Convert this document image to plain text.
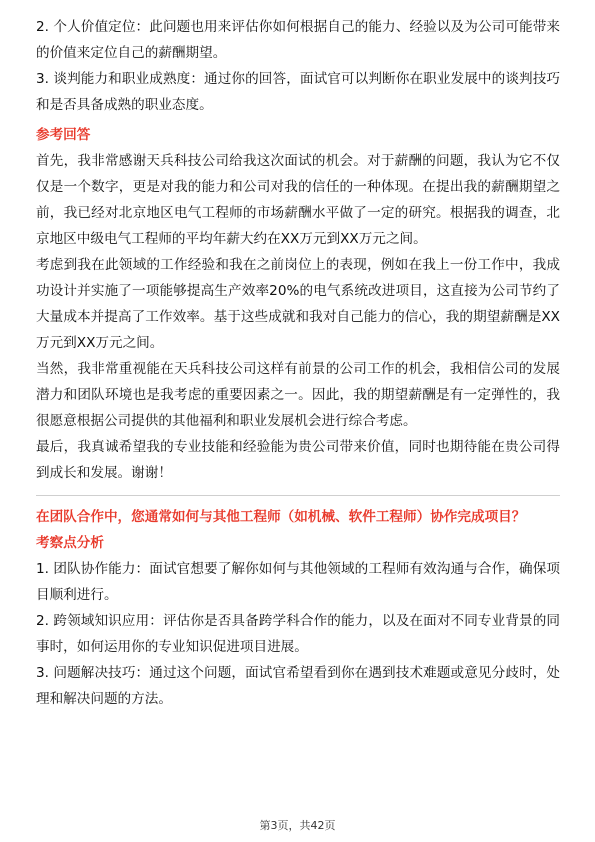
2. 个人价值定位：此问题也用来评估你如何根据自己的能力、经验以及为公司可能带来的价值来定位自己的薪酬期望。

3. 谈判能力和职业成熟度：通过你的回答，面试官可以判断你在职业发展中的谈判技巧和是否具备成熟的职业态度。

参考回答

首先，我非常感谢天兵科技公司给我这次面试的机会。对于薪酬的问题，我认为它不仅仅是一个数字，更是对我的能力和公司对我的信任的一种体现。在提出我的薪酬期望之前，我已经对北京地区电气工程师的市场薪酬水平做了一定的研究。根据我的调查，北京地区中级电气工程师的平均年薪大约在XX万元到XX万元之间。

考虑到我在此领域的工作经验和我在之前岗位上的表现，例如在我上一份工作中，我成功设计并实施了一项能够提高生产效率20%的电气系统改进项目，这直接为公司节约了大量成本并提高了工作效率。基于这些成就和我对自己能力的信心，我的期望薪酬是XX万元到XX万元之间。

当然，我非常重视能在天兵科技公司这样有前景的公司工作的机会，我相信公司的发展潜力和团队环境也是我考虑的重要因素之一。因此，我的期望薪酬是有一定弹性的，我很愿意根据公司提供的其他福利和职业发展机会进行综合考虑。

最后，我真诚希望我的专业技能和经验能为贵公司带来价值，同时也期待能在贵公司得到成长和发展。谢谢！

在团队合作中，您通常如何与其他工程师（如机械、软件工程师）协作完成项目？
考察点分析

1. 团队协作能力：面试官想要了解你如何与其他领域的工程师有效沟通与合作，确保项目顺利进行。

2. 跨领域知识应用：评估你是否具备跨学科合作的能力，以及在面对不同专业背景的同事时，如何运用你的专业知识促进项目进展。

3. 问题解决技巧：通过这个问题，面试官希望看到你在遇到技术难题或意见分歧时，处理和解决问题的方法。

第3页，共42页
